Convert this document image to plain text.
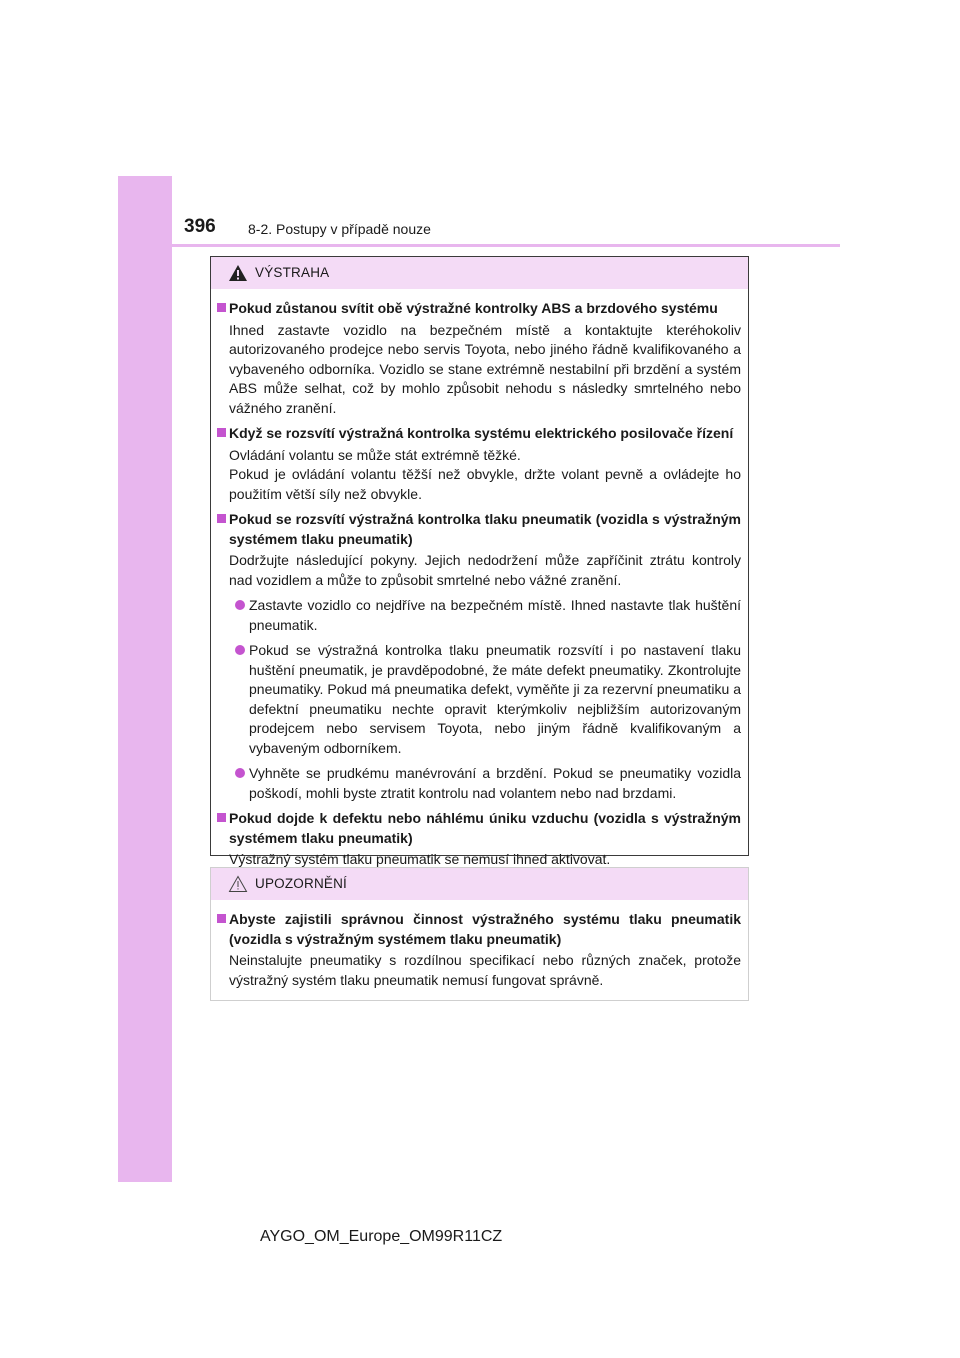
396 8-2. Postupy v případě nouze
VÝSTRAHA
Pokud zůstanou svítit obě výstražné kontrolky ABS a brzdového systému
Ihned zastavte vozidlo na bezpečném místě a kontaktujte kteréhokoliv autorizovaného prodejce nebo servis Toyota, nebo jiného řádně kvalifikovaného a vybaveného odborníka. Vozidlo se stane extrémně nestabilní při brzdění a systém ABS může selhat, což by mohlo způsobit nehodu s následky smrtelného nebo vážného zranění.
Když se rozsvítí výstražná kontrolka systému elektrického posilovače řízení
Ovládání volantu se může stát extrémně těžké.
Pokud je ovládání volantu těžší než obvykle, držte volant pevně a ovládejte ho použitím větší síly než obvykle.
Pokud se rozsvítí výstražná kontrolka tlaku pneumatik (vozidla s výstražným systémem tlaku pneumatik)
Dodržujte následující pokyny. Jejich nedodržení může zapříčinit ztrátu kontroly nad vozidlem a může to způsobit smrtelné nebo vážné zranění.
Zastavte vozidlo co nejdříve na bezpečném místě. Ihned nastavte tlak huštění pneumatik.
Pokud se výstražná kontrolka tlaku pneumatik rozsvítí i po nastavení tlaku huštění pneumatik, je pravděpodobné, že máte defekt pneumatiky. Zkontrolujte pneumatiky. Pokud má pneumatika defekt, vyměňte ji za rezervní pneumatiku a defektní pneumatiku nechte opravit kterýmkoliv nejbližším autorizovaným prodejcem nebo servisem Toyota, nebo jiným řádně kvalifikovaným a vybaveným odborníkem.
Vyhněte se prudkému manévrování a brzdění. Pokud se pneumatiky vozidla poškodí, mohli byste ztratit kontrolu nad volantem nebo nad brzdami.
Pokud dojde k defektu nebo náhlému úniku vzduchu (vozidla s výstražným systémem tlaku pneumatik)
Výstražný systém tlaku pneumatik se nemusí ihned aktivovat.
UPOZORNĚNÍ
Abyste zajistili správnou činnost výstražného systému tlaku pneumatik (vozidla s výstražným systémem tlaku pneumatik)
Neinstalujte pneumatiky s rozdílnou specifikací nebo různých značek, protože výstražný systém tlaku pneumatik nemusí fungovat správně.
AYGO_OM_Europe_OM99R11CZ
